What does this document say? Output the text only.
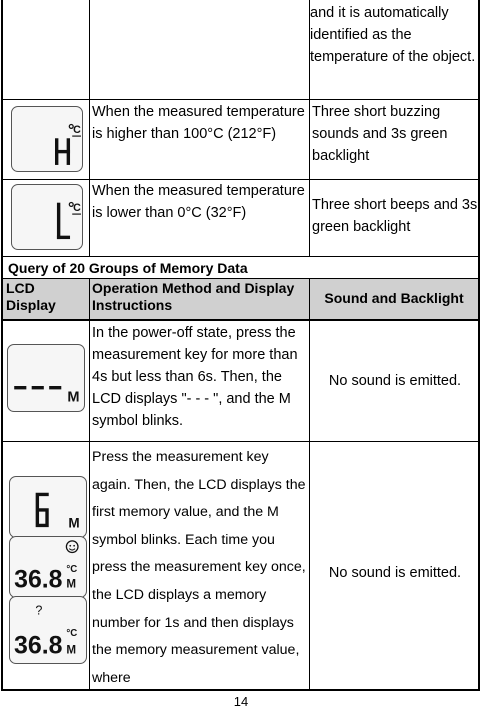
and it is automatically identified as the temperature of the object.
C
When the measured temperature is higher than 100°C (212°F)
Three short buzzing sounds and 3s green backlight
C
When the measured temperature is lower than 0°C (32°F)	Three short beeps and 3s green backlight
Query of 20 Groups of Memory Data
LCD Display
Operation Method and Display Instructions	Sound and Backlight
M
In the power-off state, press the measurement key for more than 4s but less than 6s. Then, the LCD displays "- - - ", and the M symbol blinks.
No sound is emitted.
M
36.8 °C
M
?
36.8 °C
M
Press the measurement key again. Then, the LCD displays the first memory value, and the M symbol blinks. Each time you press the measurement key once, the LCD displays a memory number for 1s and then displays the memory measurement value, where
No sound is emitted.
14
